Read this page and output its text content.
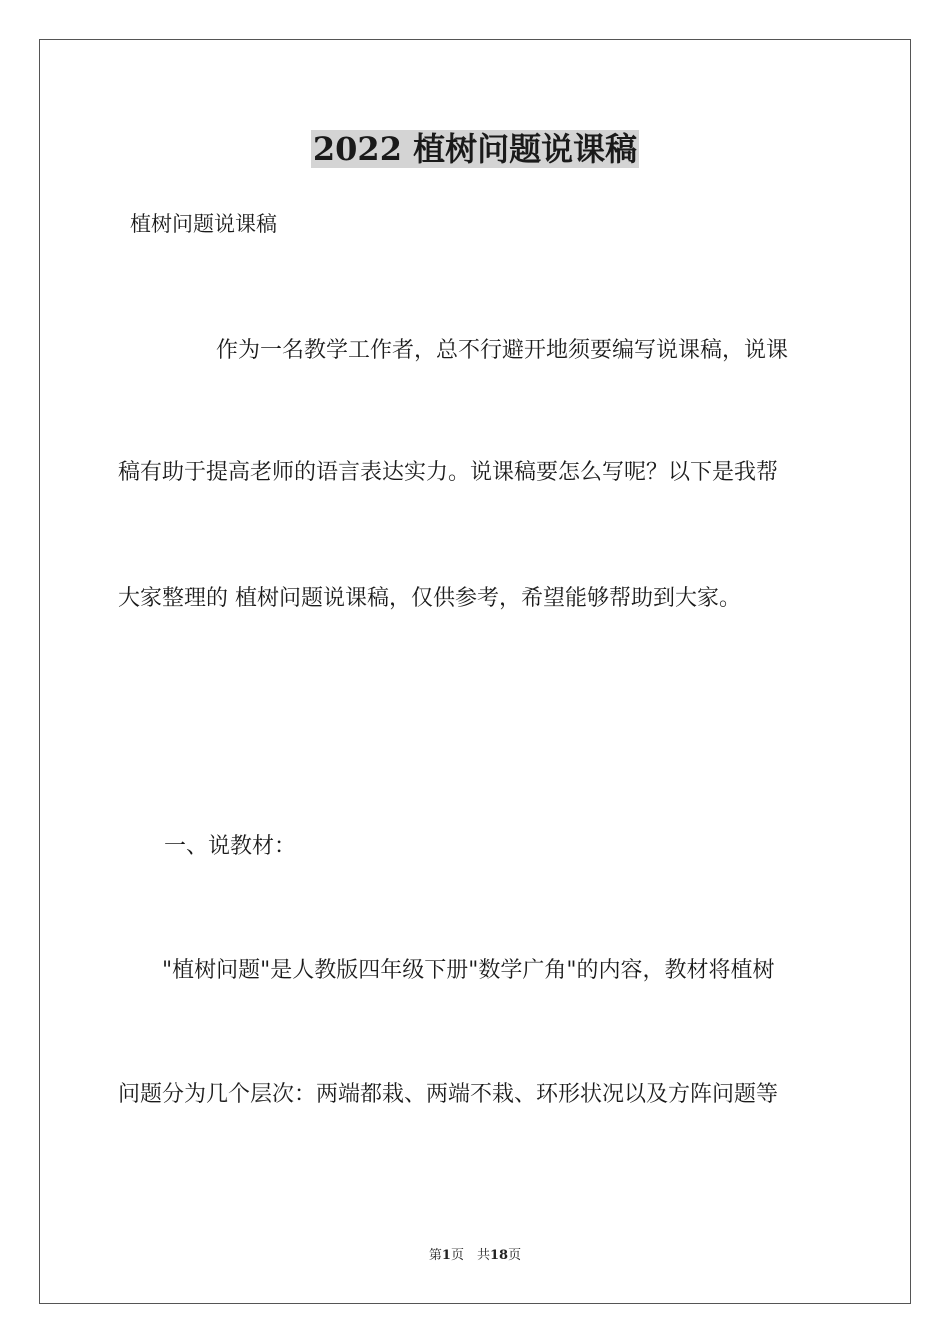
2022 植树问题说课稿
植树问题说课稿
作为一名教学工作者，总不行避开地须要编写说课稿，说课
稿有助于提高老师的语言表达实力。说课稿要怎么写呢？以下是我帮
大家整理的 植树问题说课稿，仅供参考，希望能够帮助到大家。
一、说教材：
"植树问题"是人教版四年级下册"数学广角"的内容，教材将植树
问题分为几个层次：两端都栽、两端不栽、环形状况以及方阵问题等
第1页　共18页
